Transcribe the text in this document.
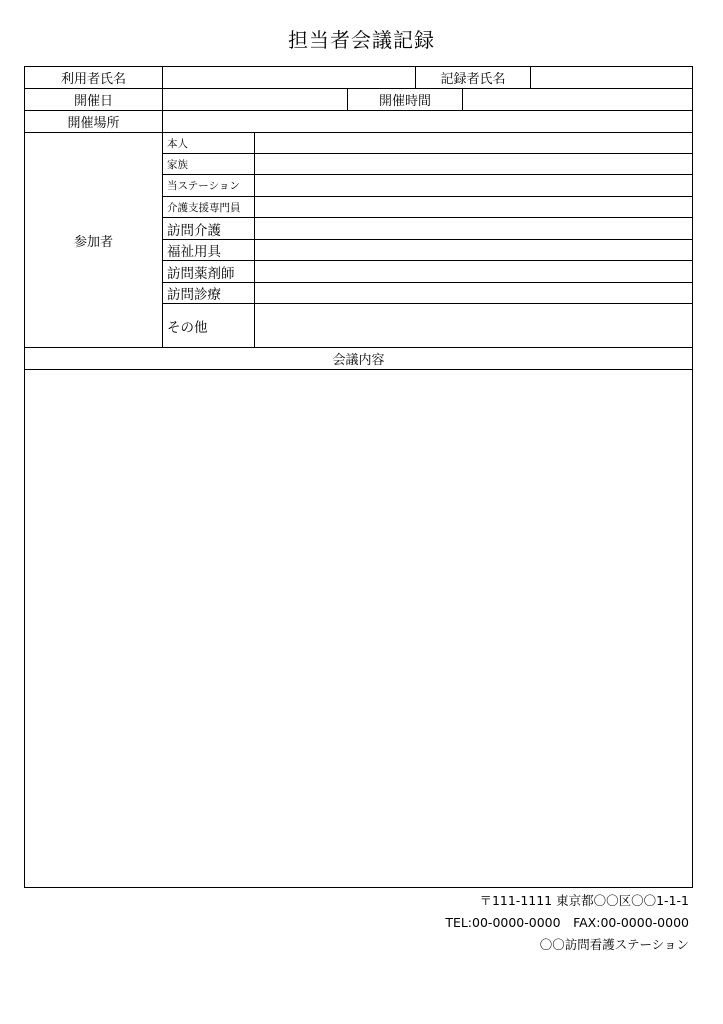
担当者会議記録
利用者氏名	記録者氏名
開催日	開催時間
開催場所
参加者
本人
家族
当ステーション
介護支援専門員
訪問介護
福祉用具
訪問薬剤師
訪問診療
その他
会議内容
〒111-1111 東京都〇〇区〇〇1-1-1
TEL:00-0000-0000　FAX:00-0000-0000
〇〇訪問看護ステーション
